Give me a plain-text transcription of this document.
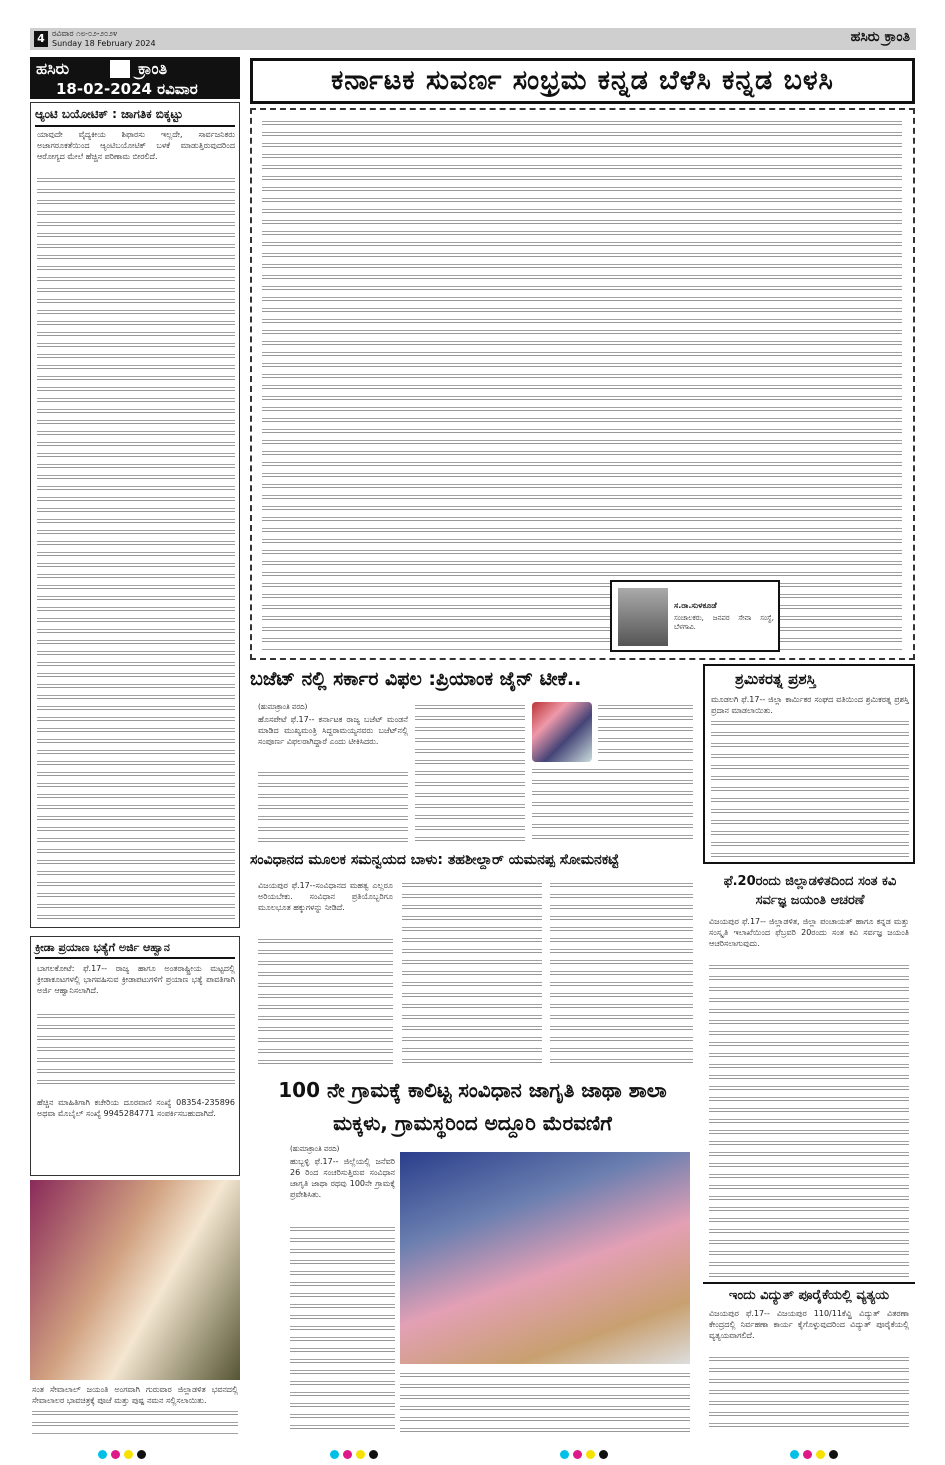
4 ರವಿವಾರ ೧೮-೦೨-೨೦೨೪
Sunday 18 February 2024	ಹಸಿರು ಕ್ರಾಂತಿ
ಹಸಿರು	ಕ್ರಾಂತಿ
18-02-2024 ರವಿವಾರ	ಕರ್ನಾಟಕ ಸುವರ್ಣ ಸಂಭ್ರಮ ಕನ್ನಡ ಬೆಳೆಸಿ ಕನ್ನಡ ಬಳಸಿ
ಆ್ಯಂಟಿ ಬಯೋಟಿಕ್ : ಜಾಗತಿಕ ಬಿಕ್ಕಟ್ಟು
ಯಾವುದೇ ವೈದ್ಯಕೀಯ ಶಿಫಾರಸು ಇಲ್ಲದೇ, ಸಾರ್ವಜನಿಕರು ಅಜಾಗರೂಕತೆಯಿಂದ ಆ್ಯಂಟಿಬಯೋಟಿಕ್ ಬಳಕೆ ಮಾಡುತ್ತಿರುವುದರಿಂದ ಆರೋಗ್ಯದ ಮೇಲೆ ಹೆಚ್ಚಿನ ಪರಿಣಾಮ ಬೀರಲಿದೆ.
ಕ್ರೀಡಾ ಪ್ರಯಾಣ ಭತ್ಯೆಗೆ ಅರ್ಜಿ ಆಹ್ವಾನ
ಬಾಗಲಕೋಟೆ: ಫೆ.17-- ರಾಜ್ಯ ಹಾಗೂ ಅಂತರಾಷ್ಟ್ರೀಯ ಮಟ್ಟದಲ್ಲಿ ಕ್ರೀಡಾಕೂಟಗಳಲ್ಲಿ ಭಾಗವಹಿಸುವ ಕ್ರೀಡಾಪಟುಗಳಿಗೆ ಪ್ರಯಾಣ ಭತ್ಯೆ ಪಾವತಿಗಾಗಿ ಅರ್ಜಿ ಆಹ್ವಾನಿಸಲಾಗಿದೆ.
ಹೆಚ್ಚಿನ ಮಾಹಿತಿಗಾಗಿ ಕಚೇರಿಯ ದೂರವಾಣಿ ಸಂಖ್ಯೆ 08354-235896 ಅಥವಾ ಮೊಬೈಲ್ ಸಂಖ್ಯೆ 9945284771 ಸಂಪರ್ಕಿಸಬಹುದಾಗಿದೆ.
ಸಂತ ಸೇವಾಲಾಲ್ ಜಯಂತಿ ಅಂಗವಾಗಿ ಗುರುವಾರ ಜಿಲ್ಲಾಡಳಿತ ಭವನದಲ್ಲಿ ಸೇವಾಲಾಲರ ಭಾವಚಿತ್ರಕ್ಕೆ ಪೂಜೆ ಮತ್ತು ಪುಷ್ಪ ನಮನ ಸಲ್ಲಿಸಲಾಯಿತು.
ಸ.ರಾ.ಸುಳಕೂಡೆ
ಸಂಚಾಲಕರು, ಜನಪರ ಸೇವಾ ಸಂಸ್ಥೆ, ಬೆಳಗಾವಿ.
ಬಜೆಟ್ ನಲ್ಲಿ ಸರ್ಕಾರ ವಿಫಲ :ಪ್ರಿಯಾಂಕ ಜೈನ್ ಟೀಕೆ..
(ಹುಮಾಕ್ರಾಂತಿ ವರದಿ)
ಹೊಸಪೇಟೆ ಫೆ.17-- ಕರ್ನಾಟಕ ರಾಜ್ಯ ಬಜೆಟ್ ಮಂಡನೆ ಮಾಡಿದ ಮುಖ್ಯಮಂತ್ರಿ ಸಿದ್ದರಾಮಯ್ಯನವರು ಬಜೆಟ್‌ನಲ್ಲಿ ಸಂಪೂರ್ಣ ವಿಫಲರಾಗಿದ್ದಾರೆ ಎಂದು ಟೀಕಿಸಿದರು.
ಶ್ರಮಿಕರತ್ನ ಪ್ರಶಸ್ತಿ
ಮೂಡಲಗಿ ಫೆ.17-- ಜಿಲ್ಲಾ ಕಾರ್ಮಿಕರ ಸಂಘದ ವತಿಯಿಂದ ಶ್ರಮಿಕರತ್ನ ಪ್ರಶಸ್ತಿ ಪ್ರದಾನ ಮಾಡಲಾಯಿತು.
ಸಂವಿಧಾನದ ಮೂಲಕ ಸಮನ್ವಯದ ಬಾಳು: ತಹಶೀಲ್ದಾರ್ ಯಮನಪ್ಪ ಸೋಮನಕಟ್ಟೆ
ವಿಜಯಪುರ ಫೆ.17--ಸಂವಿಧಾನದ ಮಹತ್ವ ಎಲ್ಲರೂ ಅರಿಯಬೇಕು. ಸಂವಿಧಾನ ಪ್ರತಿಯೊಬ್ಬರಿಗೂ ಮೂಲಭೂತ ಹಕ್ಕುಗಳನ್ನು ನೀಡಿದೆ.
ಫೆ.20ರಂದು ಜಿಲ್ಲಾಡಳಿತದಿಂದ ಸಂತ ಕವಿ ಸರ್ವಜ್ಞ ಜಯಂತಿ ಆಚರಣೆ
ವಿಜಯಪುರ ಫೆ.17-- ಜಿಲ್ಲಾಡಳಿತ, ಜಿಲ್ಲಾ ಪಂಚಾಯತ್ ಹಾಗೂ ಕನ್ನಡ ಮತ್ತು ಸಂಸ್ಕೃತಿ ಇಲಾಖೆಯಿಂದ ಫೆಬ್ರವರಿ 20ರಂದು ಸಂತ ಕವಿ ಸರ್ವಜ್ಞ ಜಯಂತಿ ಆಚರಿಸಲಾಗುವುದು.
ಇಂದು ವಿದ್ಯುತ್ ಪೂರೈಕೆಯಲ್ಲಿ ವ್ಯತ್ಯಯ
ವಿಜಯಪುರ ಫೆ.17-- ವಿಜಯಪುರ 110/11ಕೆವ್ಹಿ ವಿದ್ಯುತ್ ವಿತರಣಾ ಕೇಂದ್ರದಲ್ಲಿ ನಿರ್ವಹಣಾ ಕಾರ್ಯ ಕೈಗೊಳ್ಳುವುದರಿಂದ ವಿದ್ಯುತ್ ಪೂರೈಕೆಯಲ್ಲಿ ವ್ಯತ್ಯಯವಾಗಲಿದೆ.
100 ನೇ ಗ್ರಾಮಕ್ಕೆ ಕಾಲಿಟ್ಟ ಸಂವಿಧಾನ ಜಾಗೃತಿ ಜಾಥಾ ಶಾಲಾ ಮಕ್ಕಳು, ಗ್ರಾಮಸ್ಥರಿಂದ ಅದ್ದೂರಿ ಮೆರವಣಿಗೆ
(ಹುಮಾಕ್ರಾಂತಿ ವರದಿ)
ಹುಬ್ಬಳ್ಳಿ ಫೆ.17-- ಜಿಲ್ಲೆಯಲ್ಲಿ ಜನೆವರಿ 26 ರಿಂದ ಸಂಚರಿಸುತ್ತಿರುವ ಸಂವಿಧಾನ ಜಾಗೃತಿ ಜಾಥಾ ರಥವು 100ನೇ ಗ್ರಾಮಕ್ಕೆ ಪ್ರವೇಶಿಸಿತು.
